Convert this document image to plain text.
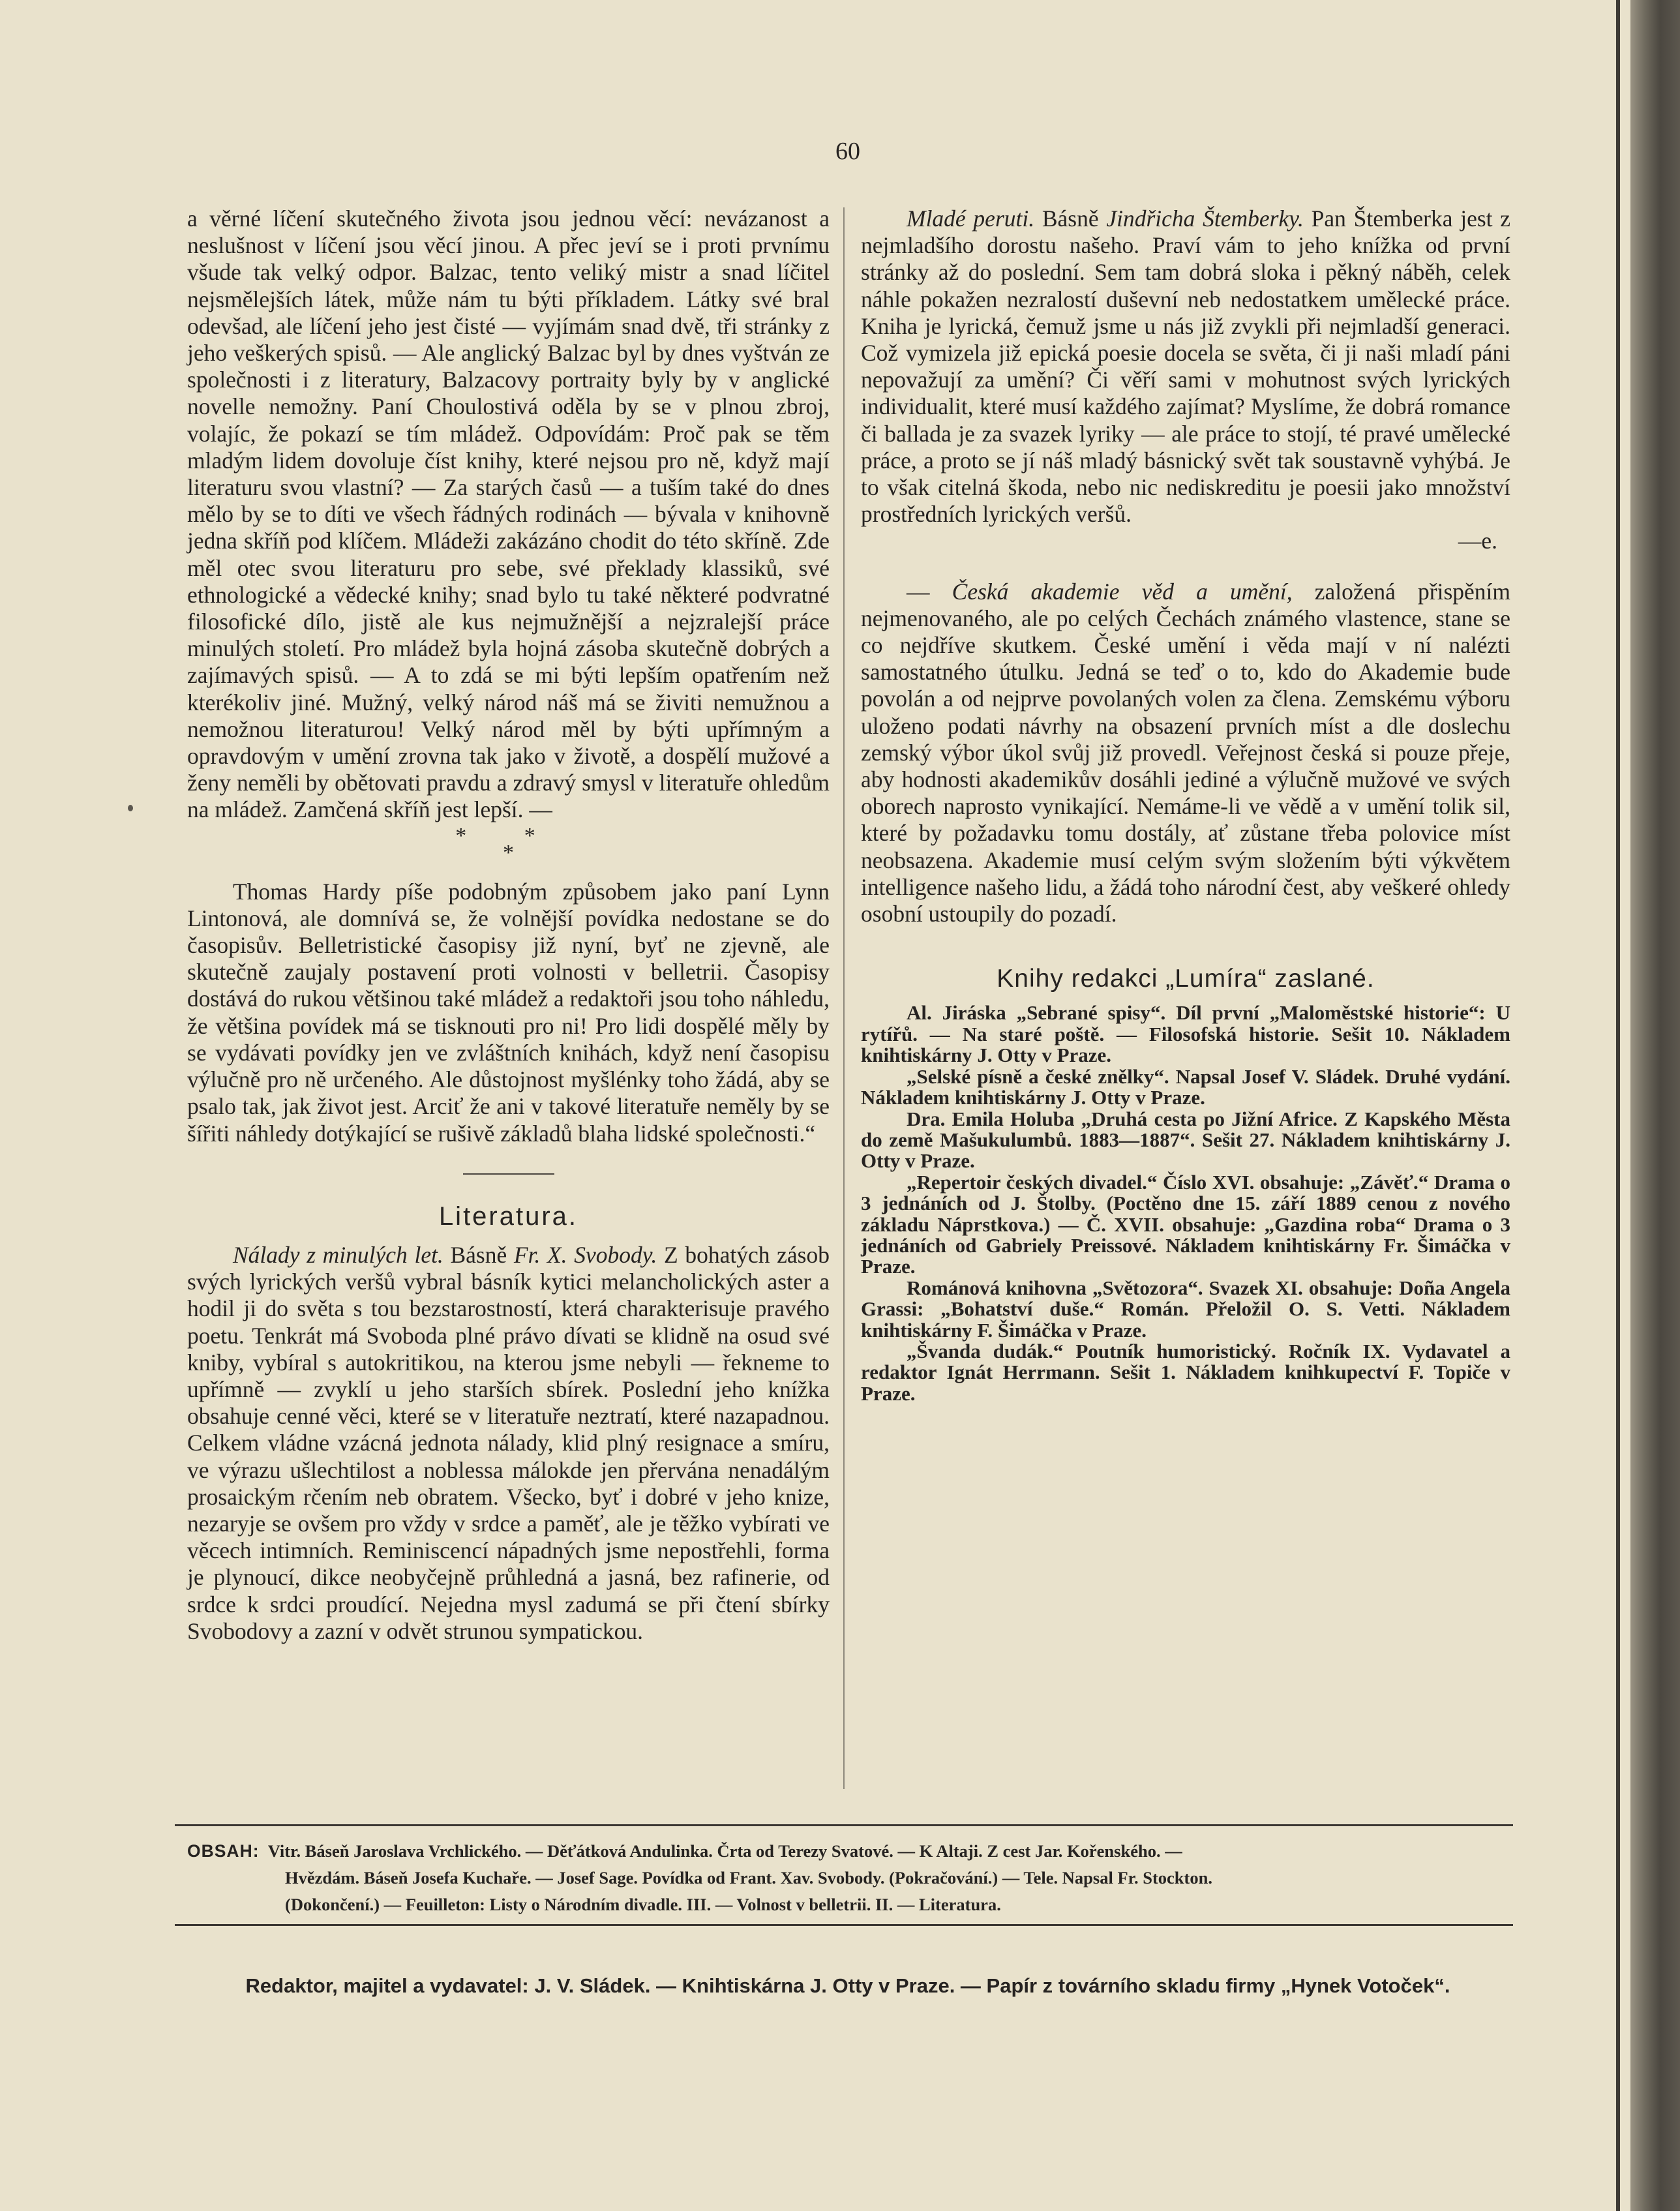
60

a věrné líčení skutečného života jsou jednou věcí: nevázanost a neslušnost v líčení jsou věcí jinou. A přec jeví se i proti prvnímu všude tak velký odpor. Balzac, tento veliký mistr a snad líčitel nejsmělejších látek, může nám tu býti příkladem. Látky své bral odevšad, ale líčení jeho jest čisté — vyjímám snad dvě, tři stránky z jeho veškerých spisů. — Ale anglický Balzac byl by dnes vyštván ze společnosti i z literatury, Balzacovy portraity byly by v anglické novelle nemožny. Paní Choulostivá oděla by se v plnou zbroj, volajíc, že pokazí se tím mládež. Odpovídám: Proč pak se těm mladým lidem dovoluje číst knihy, které nejsou pro ně, když mají literaturu svou vlastní? — Za starých časů — a tuším také do dnes mělo by se to díti ve všech řádných rodinách — bývala v knihovně jedna skříň pod klíčem. Mládeži zakázáno chodit do této skříně. Zde měl otec svou literaturu pro sebe, své překlady klassiků, své ethnologické a vědecké knihy; snad bylo tu také některé podvratné filosofické dílo, jistě ale kus nejmužnější a nejzralejší práce minulých století. Pro mládež byla hojná zásoba skutečně dobrých a zajímavých spisů. — A to zdá se mi býti lepším opatřením než kterékoliv jiné. Mužný, velký národ náš má se živiti nemužnou a nemožnou literaturou! Velký národ měl by býti upřímným a opravdovým v umění zrovna tak jako v životě, a dospělí mužové a ženy neměli by obětovati pravdu a zdravý smysl v literatuře ohledům na mládež. Zamčená skříň jest lepší. —

* *
*

Thomas Hardy píše podobným způsobem jako paní Lynn Lintonová, ale domnívá se, že volnější povídka nedostane se do časopisův. Belletristické časopisy již nyní, byť ne zjevně, ale skutečně zaujaly postavení proti volnosti v belletrii. Časopisy dostává do rukou většinou také mládež a redaktoři jsou toho náhledu, že většina povídek má se tisknouti pro ni! Pro lidi dospělé měly by se vydávati povídky jen ve zvláštních knihách, když není časopisu výlučně pro ně určeného. Ale důstojnost myšlénky toho žádá, aby se psalo tak, jak život jest. Arciť že ani v takové literatuře neměly by se šířiti náhledy dotýkající se rušivě základů blaha lidské společnosti.“

Literatura.

Nálady z minulých let. Básně Fr. X. Svobody. Z bohatých zásob svých lyrických veršů vybral básník kytici melancholických aster a hodil ji do světa s tou bezstarostností, která charakterisuje pravého poetu. Tenkrát má Svoboda plné právo dívati se klidně na osud své kniby, vybíral s autokritikou, na kterou jsme nebyli — řekneme to upřímně — zvyklí u jeho starších sbírek. Poslední jeho knížka obsahuje cenné věci, které se v literatuře neztratí, které nazapadnou. Celkem vládne vzácná jednota nálady, klid plný resignace a smíru, ve výrazu ušlechtilost a noblessa málokde jen přervána nenadálým prosaickým rčením neb obratem. Všecko, byť i dobré v jeho knize, nezaryje se ovšem pro vždy v srdce a paměť, ale je těžko vybírati ve věcech intimních. Reminiscencí nápadných jsme nepostřehli, forma je plynoucí, dikce neobyčejně průhledná a jasná, bez rafinerie, od srdce k srdci proudící. Nejedna mysl zadumá se při čtení sbírky Svobodovy a zazní v odvět strunou sympatickou.

Mladé peruti. Básně Jindřicha Štemberky. Pan Štemberka jest z nejmladšího dorostu našeho. Praví vám to jeho knížka od první stránky až do poslední. Sem tam dobrá sloka i pěkný náběh, celek náhle pokažen nezralostí duševní neb nedostatkem umělecké práce. Kniha je lyrická, čemuž jsme u nás již zvykli při nejmladší generaci. Což vymizela již epická poesie docela se světa, či ji naši mladí páni nepovažují za umění? Či věří sami v mohutnost svých lyrických individualit, které musí každého zajímat? Myslíme, že dobrá romance či ballada je za svazek lyriky — ale práce to stojí, té pravé umělecké práce, a proto se jí náš mladý básnický svět tak soustavně vyhýbá. Je to však citelná škoda, nebo nic nediskreditu je poesii jako množství prostředních lyrických veršů.

—e.

— Česká akademie věd a umění, založená přispěním nejmenovaného, ale po celých Čechách známého vlastence, stane se co nejdříve skutkem. České umění i věda mají v ní nalézti samostatného útulku. Jedná se teď o to, kdo do Akademie bude povolán a od nejprve povolaných volen za člena. Zemskému výboru uloženo podati návrhy na obsazení prvních míst a dle doslechu zemský výbor úkol svůj již provedl. Veřejnost česká si pouze přeje, aby hodnosti akademikův dosáhli jediné a výlučně mužové ve svých oborech naprosto vynikající. Nemáme-li ve vědě a v umění tolik sil, které by požadavku tomu dostály, ať zůstane třeba polovice míst neobsazena. Akademie musí celým svým složením býti výkvětem intelligence našeho lidu, a žádá toho národní čest, aby veškeré ohledy osobní ustoupily do pozadí.

Knihy redakci „Lumíra“ zaslané.

Al. Jiráska „Sebrané spisy“. Díl první „Maloměstské historie“: U rytířů. — Na staré poště. — Filosofská historie. Sešit 10. Nákladem knihtiskárny J. Otty v Praze.

„Selské písně a české znělky“. Napsal Josef V. Sládek. Druhé vydání. Nákladem knihtiskárny J. Otty v Praze.

Dra. Emila Holuba „Druhá cesta po Jižní Africe. Z Kapského Města do země Mašukulumbů. 1883—1887“. Sešit 27. Nákladem knihtiskárny J. Otty v Praze.

„Repertoir českých divadel.“ Číslo XVI. obsahuje: „Závěť.“ Drama o 3 jednáních od J. Štolby. (Poctěno dne 15. září 1889 cenou z nového základu Náprstkova.) — Č. XVII. obsahuje: „Gazdina roba“ Drama o 3 jednáních od Gabriely Preissové. Nákladem knihtiskárny Fr. Šimáčka v Praze.

Románová knihovna „Světozora“. Svazek XI. obsahuje: Doña Angela Grassi: „Bohatství duše.“ Román. Přeložil O. S. Vetti. Nákladem knihtiskárny F. Šimáčka v Praze.

„Švanda dudák.“ Poutník humoristický. Ročník IX. Vydavatel a redaktor Ignát Herrmann. Sešit 1. Nákladem knihkupectví F. Topiče v Praze.

OBSAH: Vitr. Báseň Jaroslava Vrchlického. — Děťátková Andulinka. Črta od Terezy Svatové. — K Altaji. Z cest Jar. Kořenského. —

Hvězdám. Báseň Josefa Kuchaře. — Josef Sage. Povídka od Frant. Xav. Svobody. (Pokračování.) — Tele. Napsal Fr. Stockton.

(Dokončení.) — Feuilleton: Listy o Národním divadle. III. — Volnost v belletrii. II. — Literatura.

Redaktor, majitel a vydavatel: J. V. Sládek. — Knihtiskárna J. Otty v Praze. — Papír z továrního skladu firmy „Hynek Votoček“.
